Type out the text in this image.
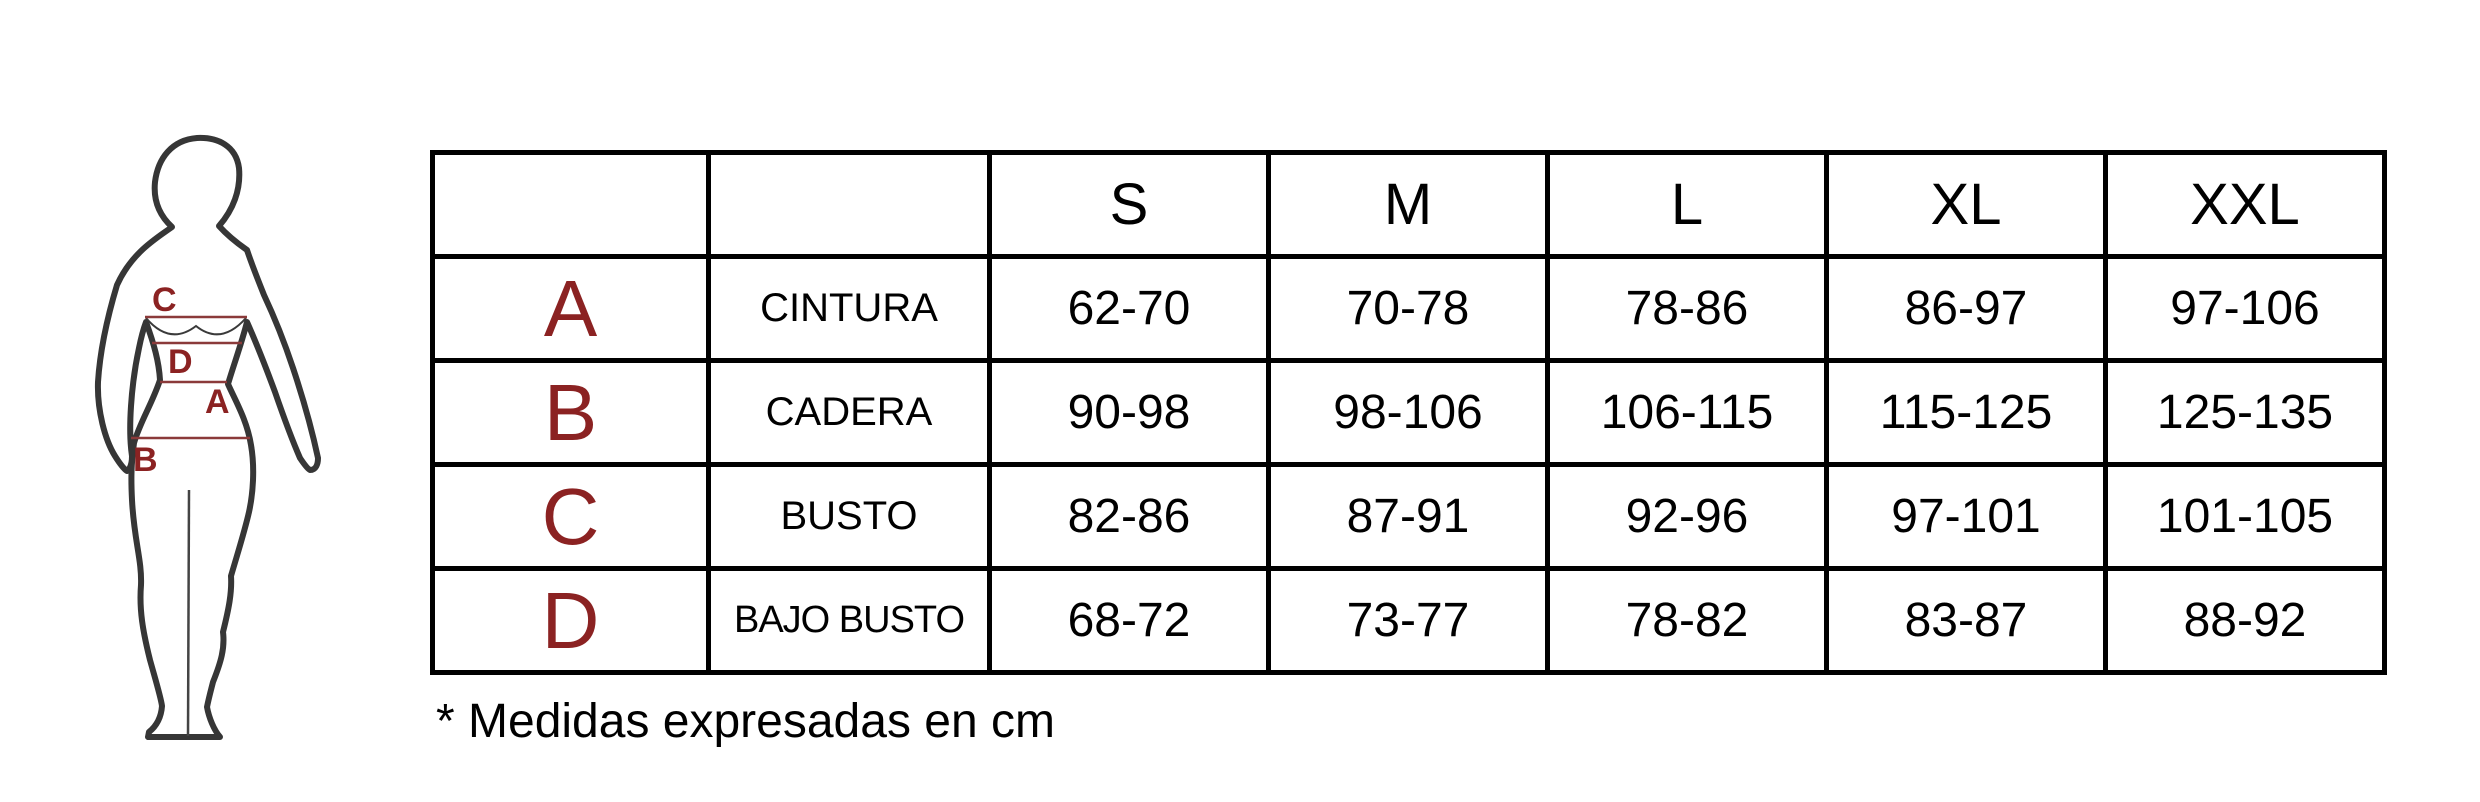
C
D
A
B
		S	M	L	XL	XXL
A	CINTURA	62-70	70-78	78-86	86-97	97-106
B	CADERA	90-98	98-106	106-115	115-125	125-135
C	BUSTO	82-86	87-91	92-96	97-101	101-105
D	BAJO BUSTO	68-72	73-77	78-82	83-87	88-92
* Medidas expresadas en cm
